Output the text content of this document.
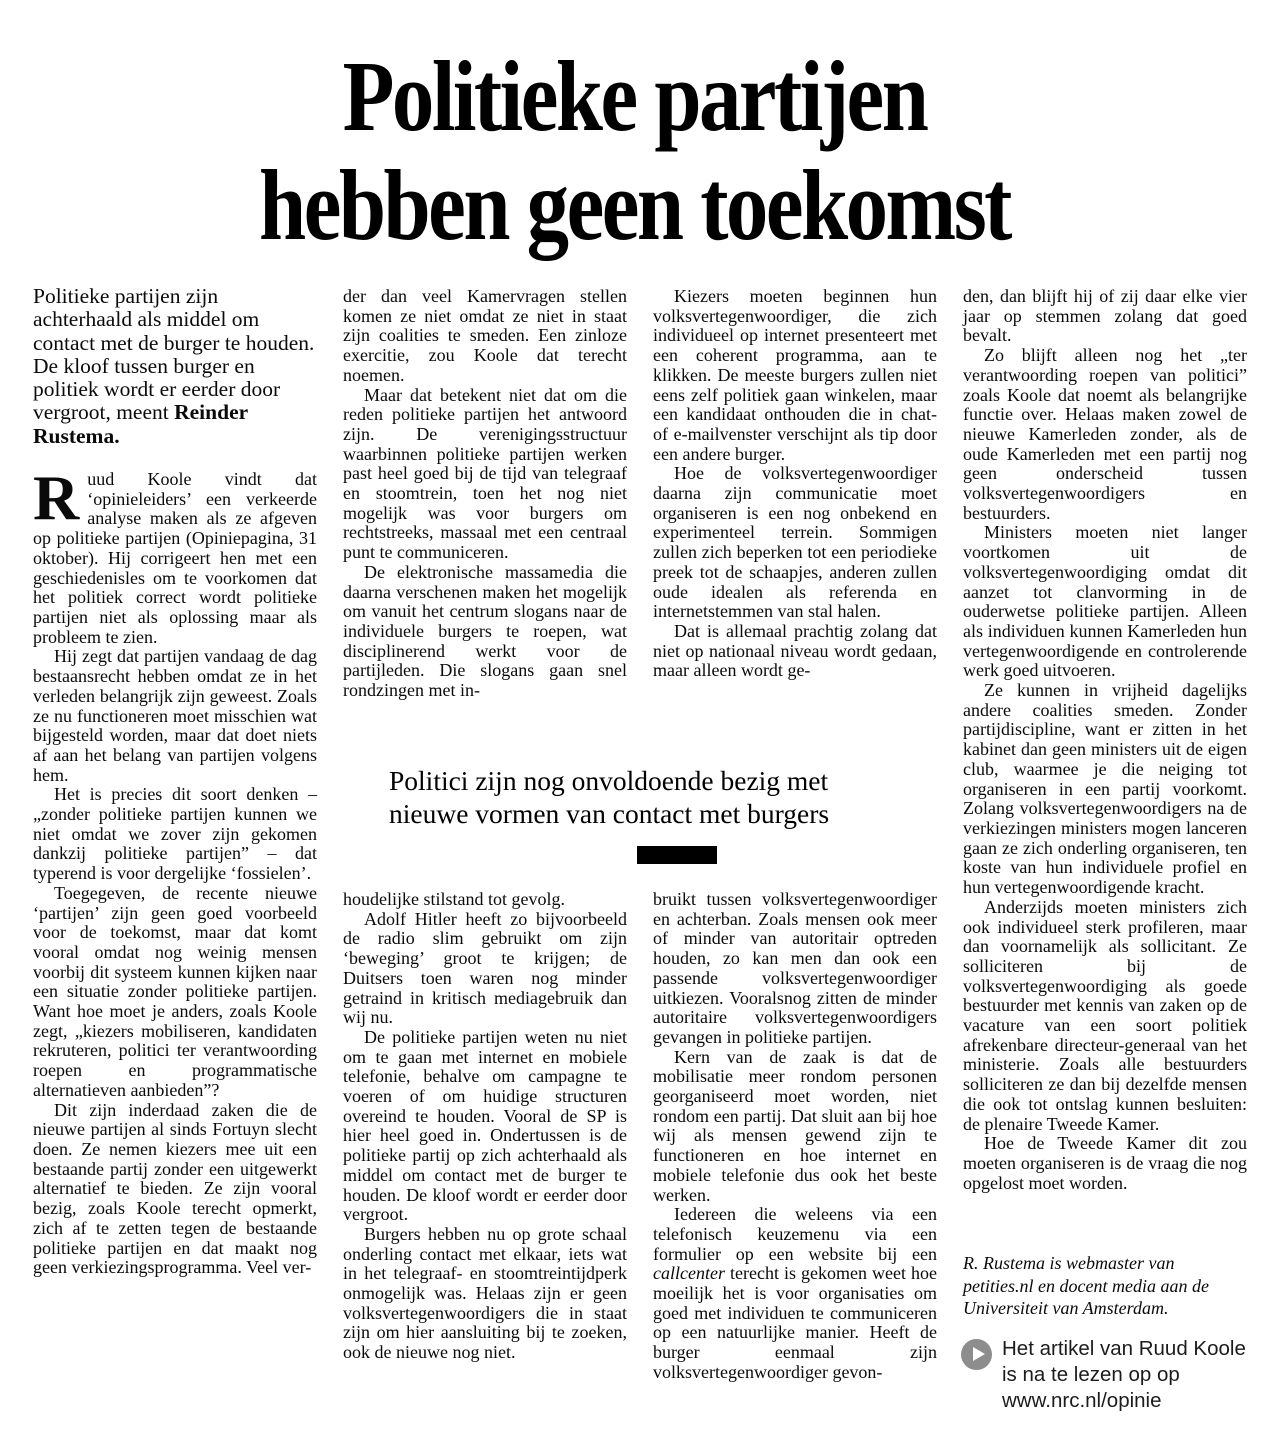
Politieke partijen
hebben geen toekomst

Politieke partijen zijn achterhaald als middel om contact met de burger te houden. De kloof tussen burger en politiek wordt er eerder door vergroot, meent Reinder Rustema.

Ruud Koole vindt dat ‘opinieleiders’ een verkeerde analyse maken als ze afgeven op politieke partijen (Opiniepagina, 31 oktober). Hij corrigeert hen met een geschiedenisles om te voorkomen dat het politiek correct wordt politieke partijen niet als oplossing maar als probleem te zien.

Hij zegt dat partijen vandaag de dag bestaansrecht hebben omdat ze in het verleden belangrijk zijn geweest. Zoals ze nu functioneren moet misschien wat bijgesteld worden, maar dat doet niets af aan het belang van partijen volgens hem.

Het is precies dit soort denken – „zonder politieke partijen kunnen we niet omdat we zover zijn gekomen dankzij politieke partijen” – dat typerend is voor dergelijke ‘fossielen’.

Toegegeven, de recente nieuwe ‘partijen’ zijn geen goed voorbeeld voor de toekomst, maar dat komt vooral omdat nog weinig mensen voorbij dit systeem kunnen kijken naar een situatie zonder politieke partijen. Want hoe moet je anders, zoals Koole zegt, „kiezers mobiliseren, kandidaten rekruteren, politici ter verantwoording roepen en programmatische alternatieven aanbieden”?

Dit zijn inderdaad zaken die de nieuwe partijen al sinds Fortuyn slecht doen. Ze nemen kiezers mee uit een bestaande partij zonder een uitgewerkt alternatief te bieden. Ze zijn vooral bezig, zoals Koole terecht opmerkt, zich af te zetten tegen de bestaande politieke partijen en dat maakt nog geen verkiezingsprogramma. Veel ver-

der dan veel Kamervragen stellen komen ze niet omdat ze niet in staat zijn coalities te smeden. Een zinloze exercitie, zou Koole dat terecht noemen.

Maar dat betekent niet dat om die reden politieke partijen het antwoord zijn. De verenigingsstructuur waarbinnen politieke partijen werken past heel goed bij de tijd van telegraaf en stoomtrein, toen het nog niet mogelijk was voor burgers om rechtstreeks, massaal met een centraal punt te communiceren.

De elektronische massamedia die daarna verschenen maken het mogelijk om vanuit het centrum slogans naar de individuele burgers te roepen, wat disciplinerend werkt voor de partijleden. Die slogans gaan snel rondzingen met in-

Politici zijn nog onvoldoende bezig met
nieuwe vormen van contact met burgers

houdelijke stilstand tot gevolg.

Adolf Hitler heeft zo bijvoorbeeld de radio slim gebruikt om zijn ‘beweging’ groot te krijgen; de Duitsers toen waren nog minder getraind in kritisch mediagebruik dan wij nu.

De politieke partijen weten nu niet om te gaan met internet en mobiele telefonie, behalve om campagne te voeren of om huidige structuren overeind te houden. Vooral de SP is hier heel goed in. Ondertussen is de politieke partij op zich achterhaald als middel om contact met de burger te houden. De kloof wordt er eerder door vergroot.

Burgers hebben nu op grote schaal onderling contact met elkaar, iets wat in het telegraaf- en stoomtreintijdperk onmogelijk was. Helaas zijn er geen volksvertegenwoordigers die in staat zijn om hier aansluiting bij te zoeken, ook de nieuwe nog niet.

Kiezers moeten beginnen hun volksvertegenwoordiger, die zich individueel op internet presenteert met een coherent programma, aan te klikken. De meeste burgers zullen niet eens zelf politiek gaan winkelen, maar een kandidaat onthouden die in chat- of e-mailvenster verschijnt als tip door een andere burger.

Hoe de volksvertegenwoordiger daarna zijn communicatie moet organiseren is een nog onbekend en experimenteel terrein. Sommigen zullen zich beperken tot een periodieke preek tot de schaapjes, anderen zullen oude idealen als referenda en internetstemmen van stal halen.

Dat is allemaal prachtig zolang dat niet op nationaal niveau wordt gedaan, maar alleen wordt ge-

bruikt tussen volksvertegenwoordiger en achterban. Zoals mensen ook meer of minder van autoritair optreden houden, zo kan men dan ook een passende volksvertegenwoordiger uitkiezen. Vooralsnog zitten de minder autoritaire volksvertegenwoordigers gevangen in politieke partijen.

Kern van de zaak is dat de mobilisatie meer rondom personen georganiseerd moet worden, niet rondom een partij. Dat sluit aan bij hoe wij als mensen gewend zijn te functioneren en hoe internet en mobiele telefonie dus ook het beste werken.

Iedereen die weleens via een telefonisch keuzemenu via een formulier op een website bij een callcenter terecht is gekomen weet hoe moeilijk het is voor organisaties om goed met individuen te communiceren op een natuurlijke manier. Heeft de burger eenmaal zijn volksvertegenwoordiger gevon-

den, dan blijft hij of zij daar elke vier jaar op stemmen zolang dat goed bevalt.

Zo blijft alleen nog het „ter verantwoording roepen van politici” zoals Koole dat noemt als belangrijke functie over. Helaas maken zowel de nieuwe Kamerleden zonder, als de oude Kamerleden met een partij nog geen onderscheid tussen volksvertegenwoordigers en bestuurders.

Ministers moeten niet langer voortkomen uit de volksvertegenwoordiging omdat dit aanzet tot clanvorming in de ouderwetse politieke partijen. Alleen als individuen kunnen Kamerleden hun vertegenwoordigende en controlerende werk goed uitvoeren.

Ze kunnen in vrijheid dagelijks andere coalities smeden. Zonder partijdiscipline, want er zitten in het kabinet dan geen ministers uit de eigen club, waarmee je die neiging tot organiseren in een partij voorkomt. Zolang volksvertegenwoordigers na de verkiezingen ministers mogen lanceren gaan ze zich onderling organiseren, ten koste van hun individuele profiel en hun vertegenwoordigende kracht.

Anderzijds moeten ministers zich ook individueel sterk profileren, maar dan voornamelijk als sollicitant. Ze solliciteren bij de volksvertegenwoordiging als goede bestuurder met kennis van zaken op de vacature van een soort politiek afrekenbare directeur-generaal van het ministerie. Zoals alle bestuurders solliciteren ze dan bij dezelfde mensen die ook tot ontslag kunnen besluiten: de plenaire Tweede Kamer.

Hoe de Tweede Kamer dit zou moeten organiseren is de vraag die nog opgelost moet worden.

R. Rustema is webmaster van petities.nl en docent media aan de Universiteit van Amsterdam.

Het artikel van Ruud Koole is na te lezen op op www.nrc.nl/opinie
